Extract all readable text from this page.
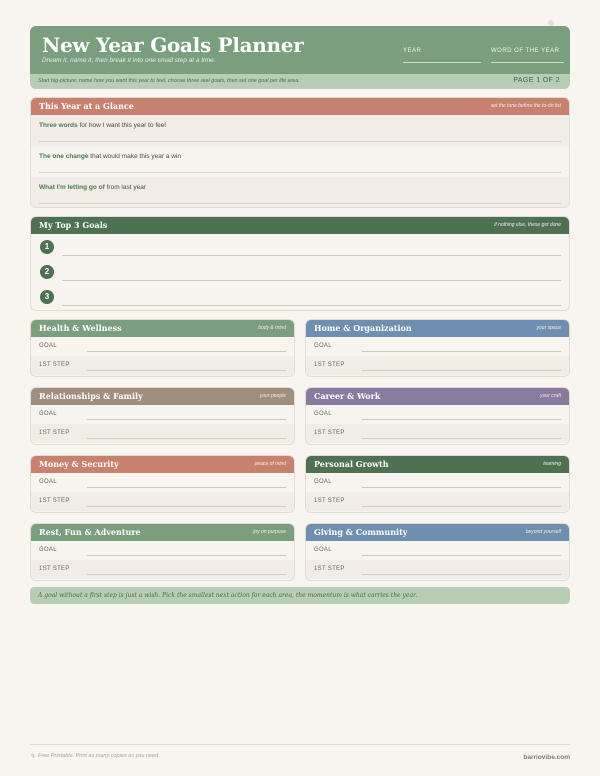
New Year Goals Planner
Dream it, name it, then break it into one small step at a time.
YEAR	WORD OF THE YEAR
Start big-picture: name how you want this year to feel, choose three real goals, then set one goal per life area.	PAGE 1 OF 2
This Year at a Glance	set the tone before the to-do list
Three words for how I want this year to feel
The one change that would make this year a win
What I'm letting go of from last year
My Top 3 Goals	if nothing else, these get done
1
2
3
Health & Wellness	body & mind
GOAL
1ST STEP
Home & Organization	your space
GOAL
1ST STEP
Relationships & Family	your people
GOAL
1ST STEP
Career & Work	your craft
GOAL
1ST STEP
Money & Security	peace of mind
GOAL
1ST STEP
Personal Growth	learning
GOAL
1ST STEP
Rest, Fun & Adventure	joy on purpose
GOAL
1ST STEP
Giving & Community	beyond yourself
GOAL
1ST STEP
A goal without a first step is just a wish. Pick the smallest next action for each area, the momentum is what carries the year.
✎ Free Printable. Print as many copies as you need	barriovibe.com
